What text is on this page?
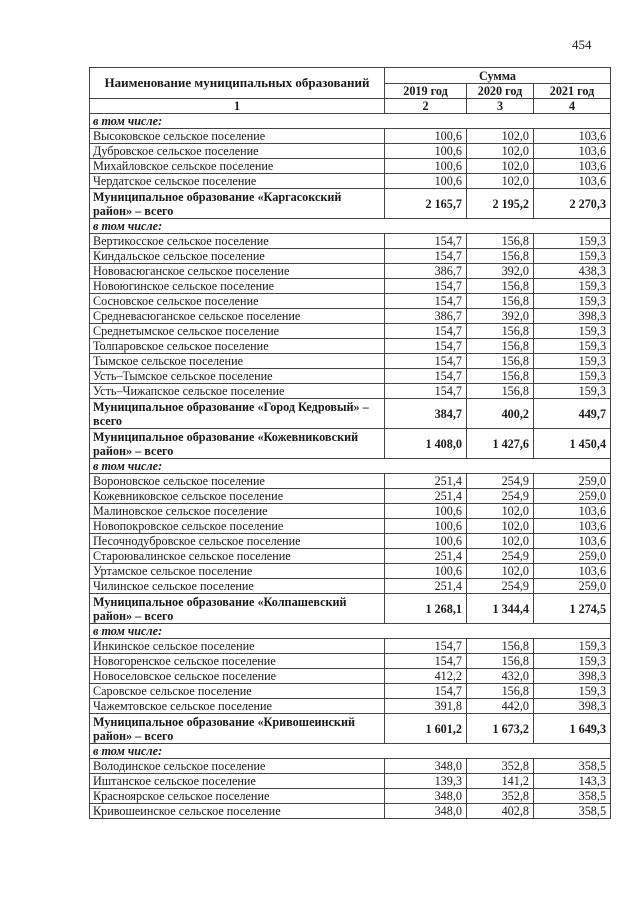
454
Наименование муниципальных образований	Сумма		
	2019 год	2020 год	2021 год
1	2	3	4
в том числе:			
Высоковское сельское поселение	100,6	102,0	103,6
Дубровское сельское поселение	100,6	102,0	103,6
Михайловское сельское поселение	100,6	102,0	103,6
Чердатское сельское поселение	100,6	102,0	103,6
Муниципальное образование «Каргасокский район» – всего	2 165,7	2 195,2	2 270,3
в том числе:			
Вертикосское сельское поселение	154,7	156,8	159,3
Киндальское сельское поселение	154,7	156,8	159,3
Нововасюганское сельское поселение	386,7	392,0	438,3
Новоюгинское сельское поселение	154,7	156,8	159,3
Сосновское сельское поселение	154,7	156,8	159,3
Средневасюганское сельское поселение	386,7	392,0	398,3
Среднетымское сельское поселение	154,7	156,8	159,3
Толпаровское сельское поселение	154,7	156,8	159,3
Тымское сельское поселение	154,7	156,8	159,3
Усть–Тымское сельское поселение	154,7	156,8	159,3
Усть–Чижапское сельское поселение	154,7	156,8	159,3
Муниципальное образование «Город Кедровый» – всего	384,7	400,2	449,7
Муниципальное образование «Кожевниковский район» – всего	1 408,0	1 427,6	1 450,4
в том числе:			
Вороновское сельское поселение	251,4	254,9	259,0
Кожевниковское сельское поселение	251,4	254,9	259,0
Малиновское сельское поселение	100,6	102,0	103,6
Новопокровское сельское поселение	100,6	102,0	103,6
Песочнодубровское сельское поселение	100,6	102,0	103,6
Староювалинское сельское поселение	251,4	254,9	259,0
Уртамское сельское поселение	100,6	102,0	103,6
Чилинское сельское поселение	251,4	254,9	259,0
Муниципальное образование «Колпашевский район» – всего	1 268,1	1 344,4	1 274,5
в том числе:			
Инкинское сельское поселение	154,7	156,8	159,3
Новогоренское сельское поселение	154,7	156,8	159,3
Новоселовское сельское поселение	412,2	432,0	398,3
Саровское сельское поселение	154,7	156,8	159,3
Чажемтовское сельское поселение	391,8	442,0	398,3
Муниципальное образование «Кривошеинский район» – всего	1 601,2	1 673,2	1 649,3
в том числе:			
Володинское сельское поселение	348,0	352,8	358,5
Иштанское сельское поселение	139,3	141,2	143,3
Красноярское сельское поселение	348,0	352,8	358,5
Кривошеинское сельское поселение	348,0	402,8	358,5
